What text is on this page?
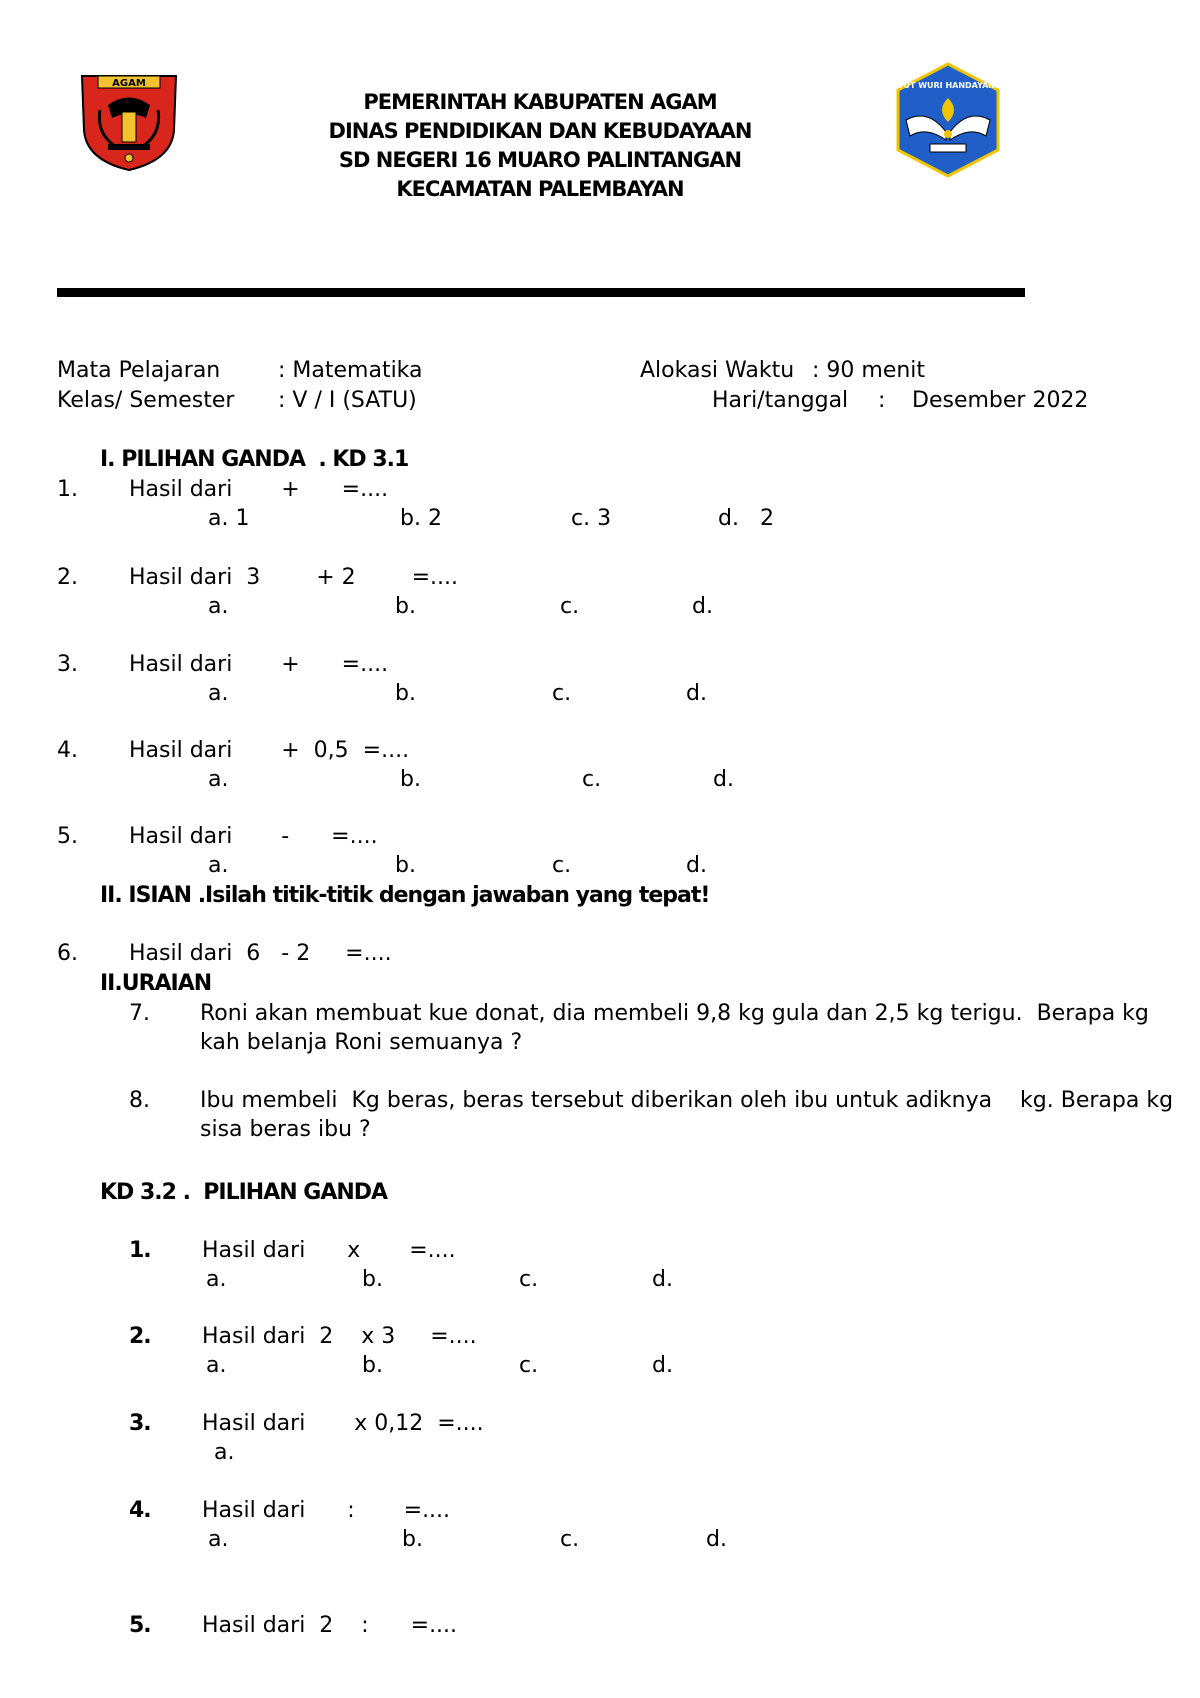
AGAM	TUT WURI HANDAYANI
PEMERINTAH KABUPATEN AGAM
DINAS PENDIDIKAN DAN KEBUDAYAAN
SD NEGERI 16 MUARO PALINTANGAN
KECAMATAN PALEMBAYAN
Mata Pelajaran	: Matematika	Alokasi Waktu : 90 menit
Kelas/ Semester : V / I (SATU)	Hari/tanggal : Desember 2022
I. PILIHAN GANDA  . KD 3.1
1. Hasil dari       +      =....
a. 1	b. 2	c. 3	d.   2
2. Hasil dari  3        + 2        =....
a.	b.	c.	d.
3. Hasil dari       +      =....
a.	b.	c.	d.
4. Hasil dari       +  0,5  =....
a.	b.	c.	d.
5. Hasil dari       -      =....
a.	b.	c.	d.
II. ISIAN .Isilah titik-titik dengan jawaban yang tepat!
6. Hasil dari  6   - 2     =....
II.URAIAN
7. Roni akan membuat kue donat, dia membeli 9,8 kg gula dan 2,5 kg terigu.  Berapa kg
kah belanja Roni semuanya ?
8. Ibu membeli  Kg beras, beras tersebut diberikan oleh ibu untuk adiknya    kg. Berapa kg
sisa beras ibu ?
KD 3.2 .  PILIHAN GANDA
1. Hasil dari      x       =....
a.	b.	c.	d.
2. Hasil dari  2    x 3     =....
a.	b.	c.	d.
3. Hasil dari       x 0,12  =....
a.
4. Hasil dari      :       =....
a.	b.	c.	d.
5. Hasil dari  2    :      =....
